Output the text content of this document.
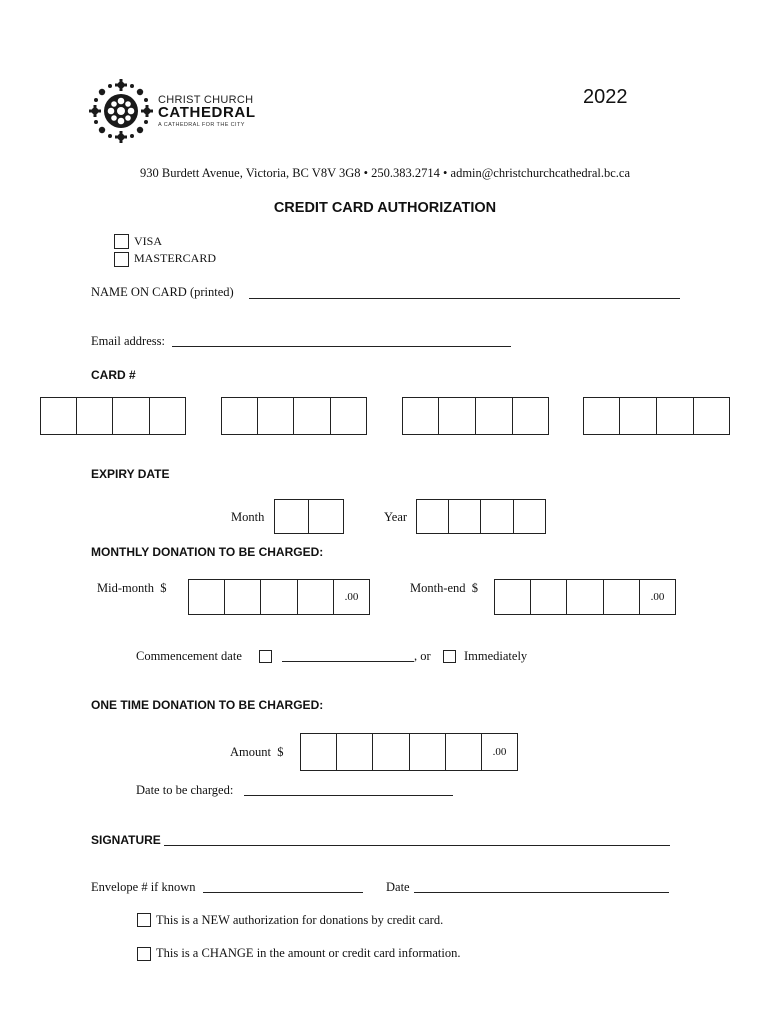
CHRIST CHURCH
CATHEDRAL
A CATHEDRAL FOR THE CITY
2022
930 Burdett Avenue, Victoria, BC V8V 3G8 • 250.383.2714 • admin@christchurchcathedral.bc.ca
CREDIT CARD AUTHORIZATION
VISA
MASTERCARD
NAME ON CARD (printed)
Email address:
CARD #
EXPIRY DATE
Month	Year
MONTHLY DONATION TO BE CHARGED:
Mid-month  $
.00
Month-end  $
.00
Commencement date	, or	Immediately
ONE TIME DONATION TO BE CHARGED:
Amount  $	.00
Date to be charged:
SIGNATURE
Envelope # if known	Date
This is a NEW authorization for donations by credit card.
This is a CHANGE in the amount or credit card information.
